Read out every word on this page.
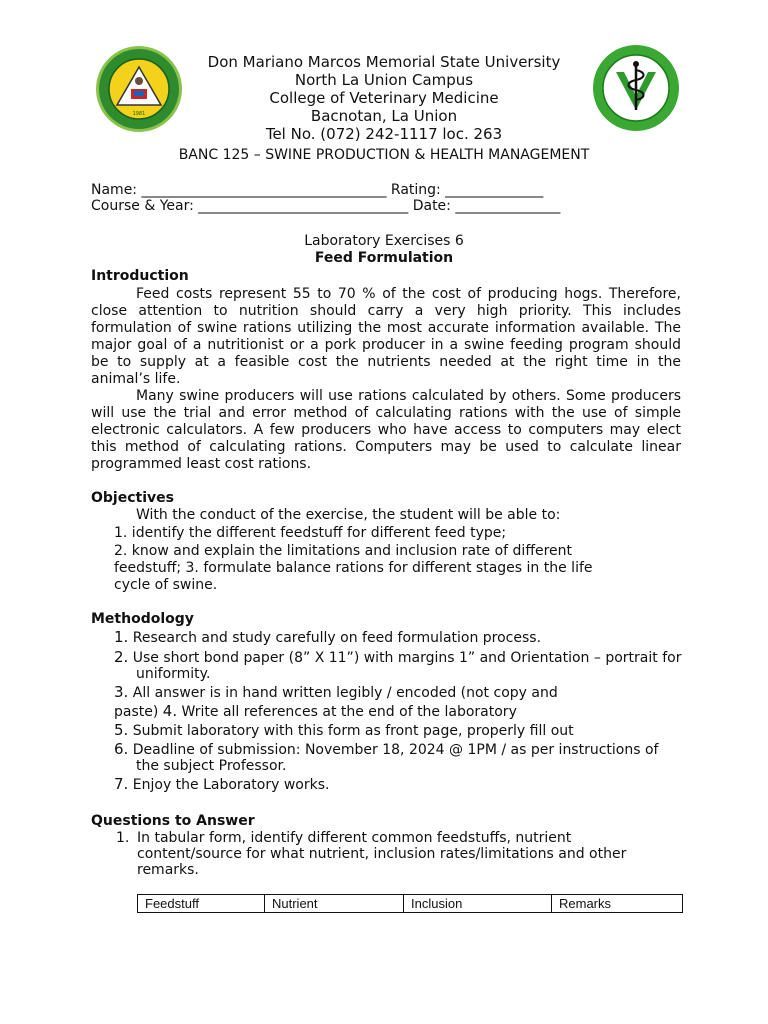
1981
Don Mariano Marcos Memorial State University
North La Union Campus
College of Veterinary Medicine
Bacnotan, La Union
Tel No. (072) 242-1117 loc. 263
BANC 125 – SWINE PRODUCTION & HEALTH MANAGEMENT
Name: ___________________________________ Rating: ______________
Course & Year: ______________________________ Date: _______________
Laboratory Exercises 6
Feed Formulation
Introduction
Feed costs represent 55 to 70 % of the cost of producing hogs. Therefore, close attention to nutrition should carry a very high priority. This includes formulation of swine rations utilizing the most accurate information available. The major goal of a nutritionist or a pork producer in a swine feeding program should be to supply at a feasible cost the nutrients needed at the right time in the animal’s life.
Many swine producers will use rations calculated by others. Some producers will use the trial and error method of calculating rations with the use of simple electronic calculators. A few producers who have access to computers may elect this method of calculating rations. Computers may be used to calculate linear programmed least cost rations.
Objectives
With the conduct of the exercise, the student will be able to:
1. identify the different feedstuff for different feed type;
2. know and explain the limitations and inclusion rate of different
feedstuff; 3. formulate balance rations for different stages in the life
cycle of swine.
Methodology
1. Research and study carefully on feed formulation process.
2. Use short bond paper (8” X 11”) with margins 1” and Orientation – portrait for
uniformity.
3. All answer is in hand written legibly / encoded (not copy and
paste) 4. Write all references at the end of the laboratory
5. Submit laboratory with this form as front page, properly fill out
6. Deadline of submission: November 18, 2024 @ 1PM / as per instructions of
the subject Professor.
7. Enjoy the Laboratory works.
Questions to Answer
1. In tabular form, identify different common feedstuffs, nutrient
content/source for what nutrient, inclusion rates/limitations and other
remarks.
Feedstuff	Nutrient	Inclusion	Remarks
